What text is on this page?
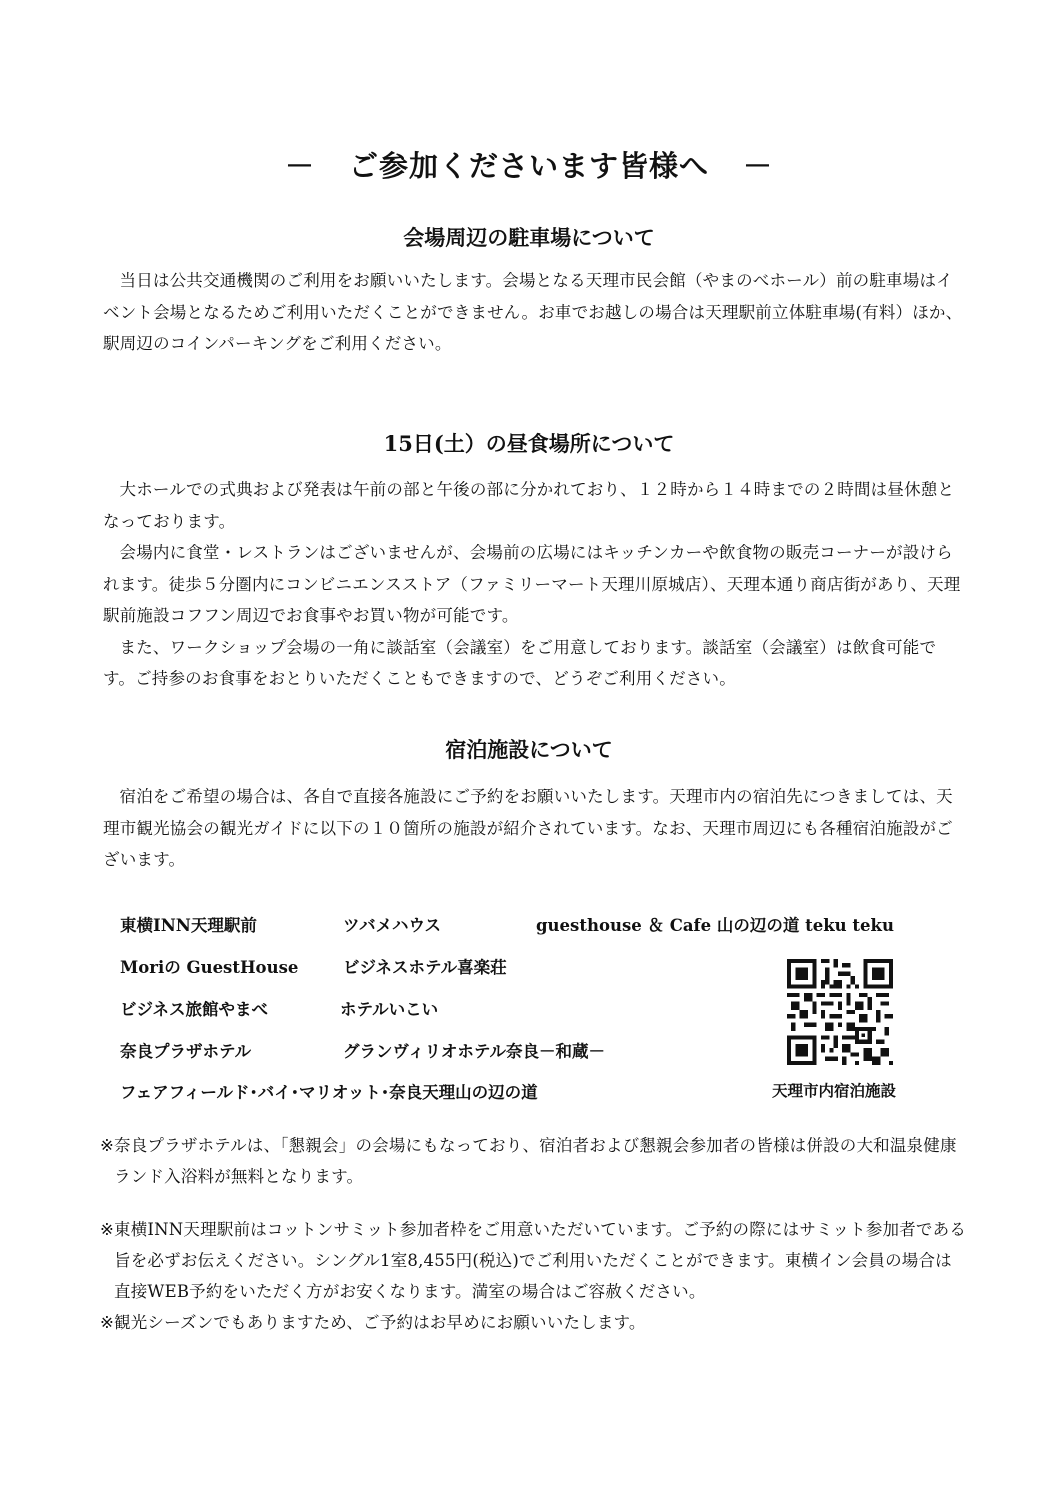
－ ご参加くださいます皆様へ －
会場周辺の駐車場について

当日は公共交通機関のご利用をお願いいたします。会場となる天理市民会館（やまのべホール）前の駐車場はイベント会場となるためご利用いただくことができません。お車でお越しの場合は天理駅前立体駐車場(有料）ほか、駅周辺のコインパーキングをご利用ください。

15日(土）の昼食場所について

大ホールでの式典および発表は午前の部と午後の部に分かれており、１２時から１４時までの２時間は昼休憩となっております。

会場内に食堂・レストランはございませんが、会場前の広場にはキッチンカーや飲食物の販売コーナーが設けられます。徒歩５分圏内にコンビニエンスストア（ファミリーマート天理川原城店）、天理本通り商店街があり、天理駅前施設コフフン周辺でお食事やお買い物が可能です。

また、ワークショップ会場の一角に談話室（会議室）をご用意しております。談話室（会議室）は飲食可能です。ご持参のお食事をおとりいただくこともできますので、どうぞご利用ください。

宿泊施設について

宿泊をご希望の場合は、各自で直接各施設にご予約をお願いいたします。天理市内の宿泊先につきましては、天理市観光協会の観光ガイドに以下の１０箇所の施設が紹介されています。なお、天理市周辺にも各種宿泊施設がございます。

東横INN天理駅前	ツバメハウス	guesthouse ＆ Cafe 山の辺の道 teku teku
Moriの GuestHouse	ビジネスホテル喜楽荘
ビジネス旅館やまべ	ホテルいこい
奈良プラザホテル	グランヴィリオホテル奈良－和蔵－
フェアフィールド･バイ･マリオット･奈良天理山の辺の道	天理市内宿泊施設
※ 奈良プラザホテルは、「懇親会」の会場にもなっており、宿泊者および懇親会参加者の皆様は併設の大和温泉健康ランド入浴料が無料となります。
※ 東横INN天理駅前はコットンサミット参加者枠をご用意いただいています。ご予約の際にはサミット参加者である旨を必ずお伝えください。シングル1室8,455円(税込)でご利用いただくことができます。東横イン会員の場合は直接WEB予約をいただく方がお安くなります。満室の場合はご容赦ください。
※ 観光シーズンでもありますため、ご予約はお早めにお願いいたします。
